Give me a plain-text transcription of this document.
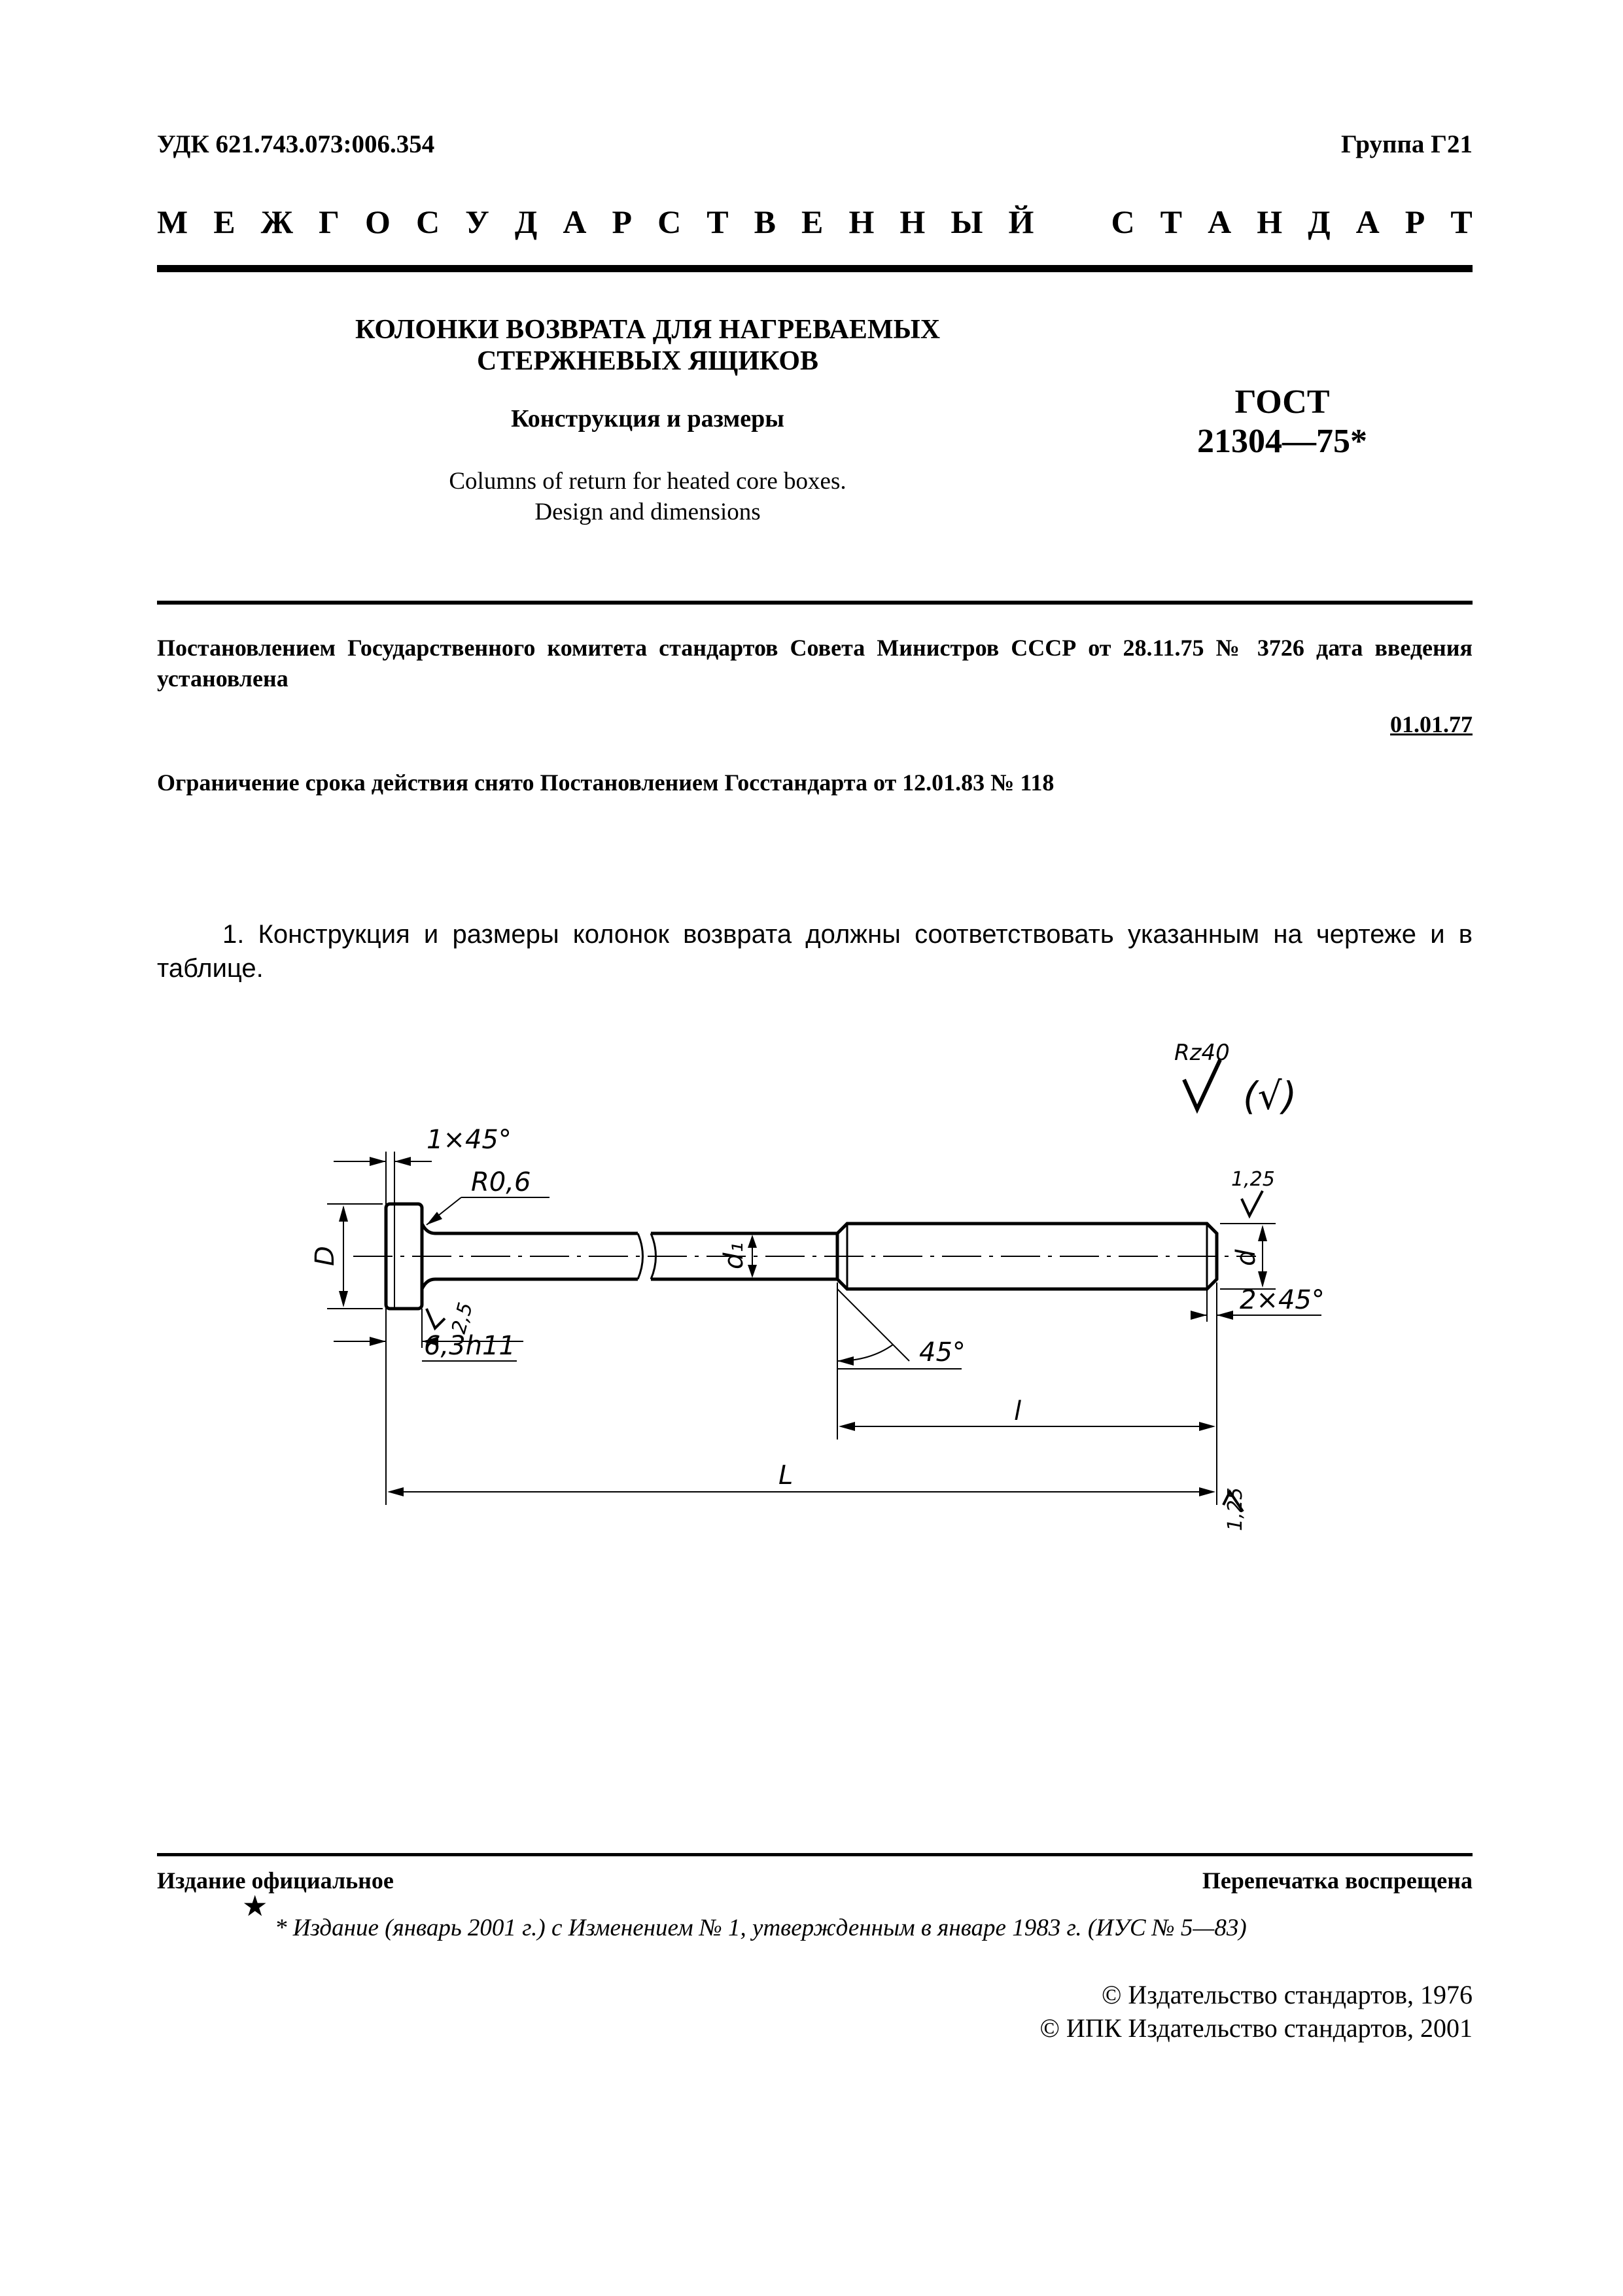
УДК 621.743.073:006.354	Группа Г21
М Е Ж Г О С У Д А Р С Т В Е Н Н Ы Й С Т А Н Д А Р Т
КОЛОНКИ ВОЗВРАТА ДЛЯ НАГРЕВАЕМЫХ
СТЕРЖНЕВЫХ ЯЩИКОВ
Конструкция и размеры
Columns of return for heated core boxes.
Design and dimensions
ГОСТ
21304—75*
Постановлением Государственного комитета стандартов Совета Министров СССР от 28.11.75 № 3726 дата введения установлена
01.01.77
Ограничение срока действия снято Постановлением Госстандарта от 12.01.83 № 118
1. Конструкция и размеры колонок возврата должны соответствовать указанным на чертеже и в таблице.
Rz40
(√)
1×45°
R0,6
D
2,5
6,3h11
d₁	d
1,25
2×45°
45°
l
L
1,25
Издание официальное	Перепечатка воспрещена
★
* Издание (январь 2001 г.) с Изменением № 1, утвержденным в январе 1983 г. (ИУС № 5—83)
© Издательство стандартов, 1976
© ИПК Издательство стандартов, 2001
